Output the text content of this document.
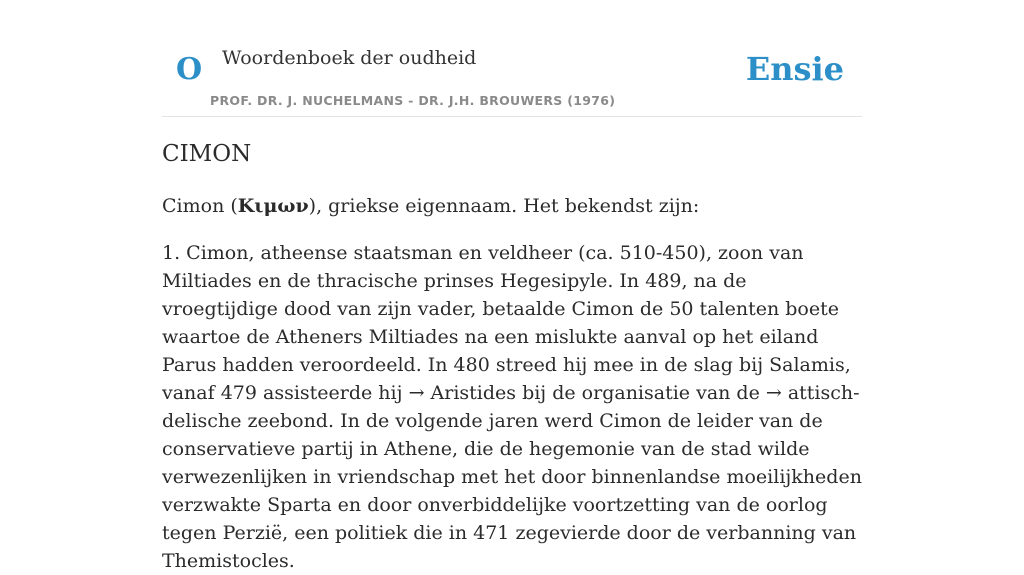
O Woordenboek der oudheid
PROF. DR. J. NUCHELMANS - DR. J.H. BROUWERS (1976)
Ensie
CIMON

Cimon (Κιμων), griekse eigennaam. Het bekendst zijn:

1. Cimon, atheense staatsman en veldheer (ca. 510-450), zoon van Miltiades en de thracische prinses Hegesipyle. In 489, na de vroegtijdige dood van zijn vader, betaalde Cimon de 50 talenten boete waartoe de Atheners Miltiades na een mislukte aanval op het eiland Parus hadden veroordeeld. In 480 streed hij mee in de slag bij Salamis, vanaf 479 assisteerde hij → Aristides bij de organisatie van de → attisch-delische zeebond. In de volgende jaren werd Cimon de leider van de conservatieve partij in Athene, die de hegemonie van de stad wilde verwezenlijken in vriendschap met het door binnenlandse moeilijkheden verzwakte Sparta en door onverbiddelijke voortzetting van de oorlog tegen Perzië, een politiek die in 471 zegevierde door de verbanning van Themistocles.
